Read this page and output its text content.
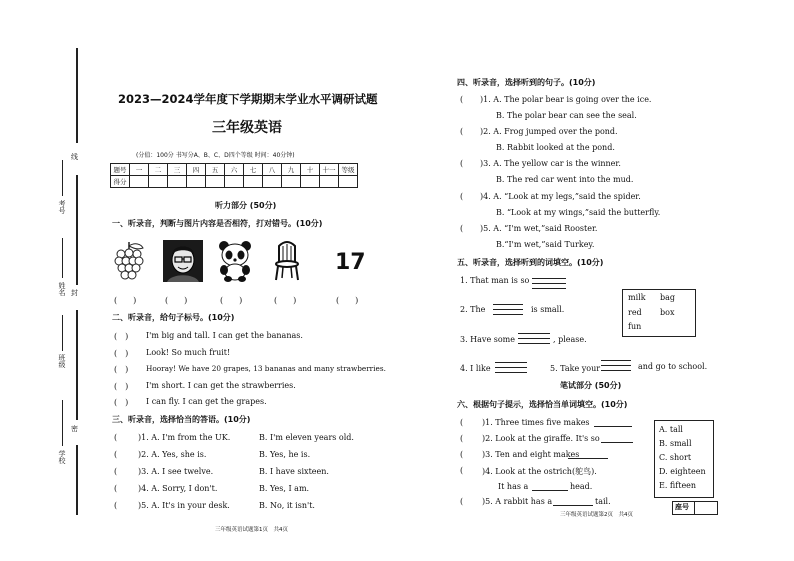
线
封
密
考号
姓名
班级
学校
2023—2024学年度下学期期末学业水平调研试题
三年级英语
(分值：100分 书写分A、B、C、D四个等级 时间：40分钟)
题号	一	二	三	四	五	六	七	八	九	十	十一	等级
得分												
听力部分 (50分)
一、听录音，判断与图片内容是否相符，打对错号。(10分)
17
(　　)	(　　)	(　　)	(　　)	(　　)
二、听录音，给句子标号。(10分)
(　) I'm big and tall. I can get the bananas.
(　) Look! So much fruit!
(　) Hooray! We have 20 grapes, 13 bananas and many strawberries.
(　) I'm short. I can get the strawberries.
(　) I can fly. I can get the grapes.
三、听录音，选择恰当的答语。(10分)
(	)1. A. I'm from the UK.	B. I'm eleven years old.
(	)2. A. Yes, she is.	B. Yes, he is.
(	)3. A. I see twelve.	B. I have sixteen.
(	)4. A. Sorry, I don't.	B. Yes, I am.
(	)5. A. It's in your desk.	B. No, it isn't.
三年级英语试题第1页　共4页
四、听录音，选择听到的句子。(10分)
( )1. A. The polar bear is going over the ice.
B. The polar bear can see the seal.
( )2. A. Frog jumped over the pond.
B. Rabbit looked at the pond.
( )3. A. The yellow car is the winner.
B. The red car went into the mud.
( )4. A. “Look at my legs,”said the spider.
B. “Look at my wings,”said the butterfly.
( )5. A. “I'm wet,”said Rooster.
B.“I'm wet,”said Turkey.
五、听录音，选择听到的词填空。(10分)
1. That man is so
2. The	is small.
3. Have some	, please.
milk bag
red box
fun
4. I like	5. Take your	and go to school.
笔试部分 (50分)
六、根据句子提示，选择恰当单词填空。(10分)
( )1. Three times five makes
( )2. Look at the giraffe. It's so
( )3. Ten and eight makes
( )4. Look at the ostrich(鸵鸟).
It has a	head.
( )5. A rabbit has a	tail.
A. tall
B. small
C. short
D. eighteen
E. fifteen
座号
三年级英语试题第2页　共4页
